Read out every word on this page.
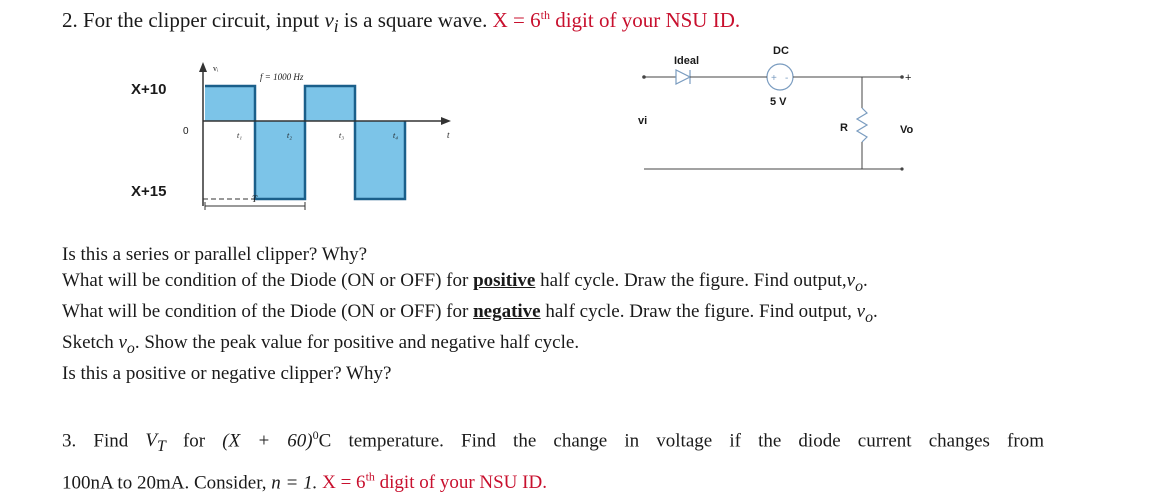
2. For the clipper circuit, input $v_i$ is a square wave. X = 6th digit of your NSU ID.
X+10
0
X+15
vᵢ
f = 1000 Hz
t₁	t₂	t₃	t₄	t
T
Ideal
+ -
DC
5 V
R
vi
Vo
+
Is this a series or parallel clipper? Why?
What will be condition of the Diode (ON or OFF) for positive half cycle. Draw the figure. Find $output,v_o$.
What will be condition of the Diode (ON or OFF) for negative half cycle. Draw the figure. Find output, $v_o$.
Sketch $v_o$. Show the peak value for positive and negative half cycle.
Is this a positive or negative clipper? Why?
3. Find $V_T$ for $(X + 60)^0C$ temperature. Find the change in voltage if the diode current changes from
100nA to 20mA. Consider, n = 1. X = 6th digit of your NSU ID.
